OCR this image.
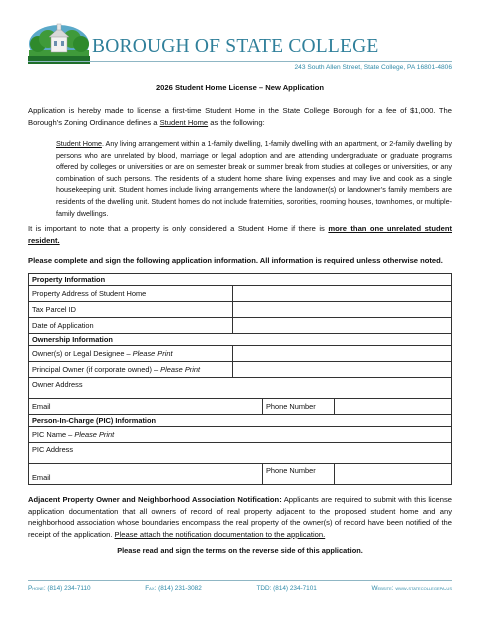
BOROUGH OF STATE COLLEGE
243 South Allen Street, State College, PA 16801-4806
2026 Student Home License – New Application
Application is hereby made to license a first-time Student Home in the State College Borough for a fee of $1,000. The Borough’s Zoning Ordinance defines a Student Home as the following:
Student Home. Any living arrangement within a 1-family dwelling, 1-family dwelling with an apartment, or 2-family dwelling by persons who are unrelated by blood, marriage or legal adoption and are attending undergraduate or graduate programs offered by colleges or universities or are on semester break or summer break from studies at colleges or universities, or any combination of such persons. The residents of a student home share living expenses and may live and cook as a single housekeeping unit. Student homes include living arrangements where the landowner(s) or landowner’s family members are residents of the dwelling unit. Student homes do not include fraternities, sororities, rooming houses, townhomes, or multiple-family dwellings.
It is important to note that a property is only considered a Student Home if there is more than one unrelated student resident.
Please complete and sign the following application information. All information is required unless otherwise noted.
Property Information			
Property Address of Student Home			
Tax Parcel ID			
Date of Application			
Ownership Information			
Owner(s) or Legal Designee – Please Print			
Principal Owner (if corporate owned) – Please Print			
Owner Address			
Email		Phone Number	
Person-In-Charge (PIC) Information			
PIC Name – Please Print			
PIC Address			
Email		Phone Number	
Adjacent Property Owner and Neighborhood Association Notification: Applicants are required to submit with this license application documentation that all owners of record of real property adjacent to the proposed student home and any neighborhood association whose boundaries encompass the real property of the owner(s) of record have been notified of the receipt of the application. Please attach the notification documentation to the application.
Please read and sign the terms on the reverse side of this application.
Phone: (814) 234-7110	Fax: (814) 231-3082	TDD: (814) 234-7101	Website: www.statecollegepa.us
